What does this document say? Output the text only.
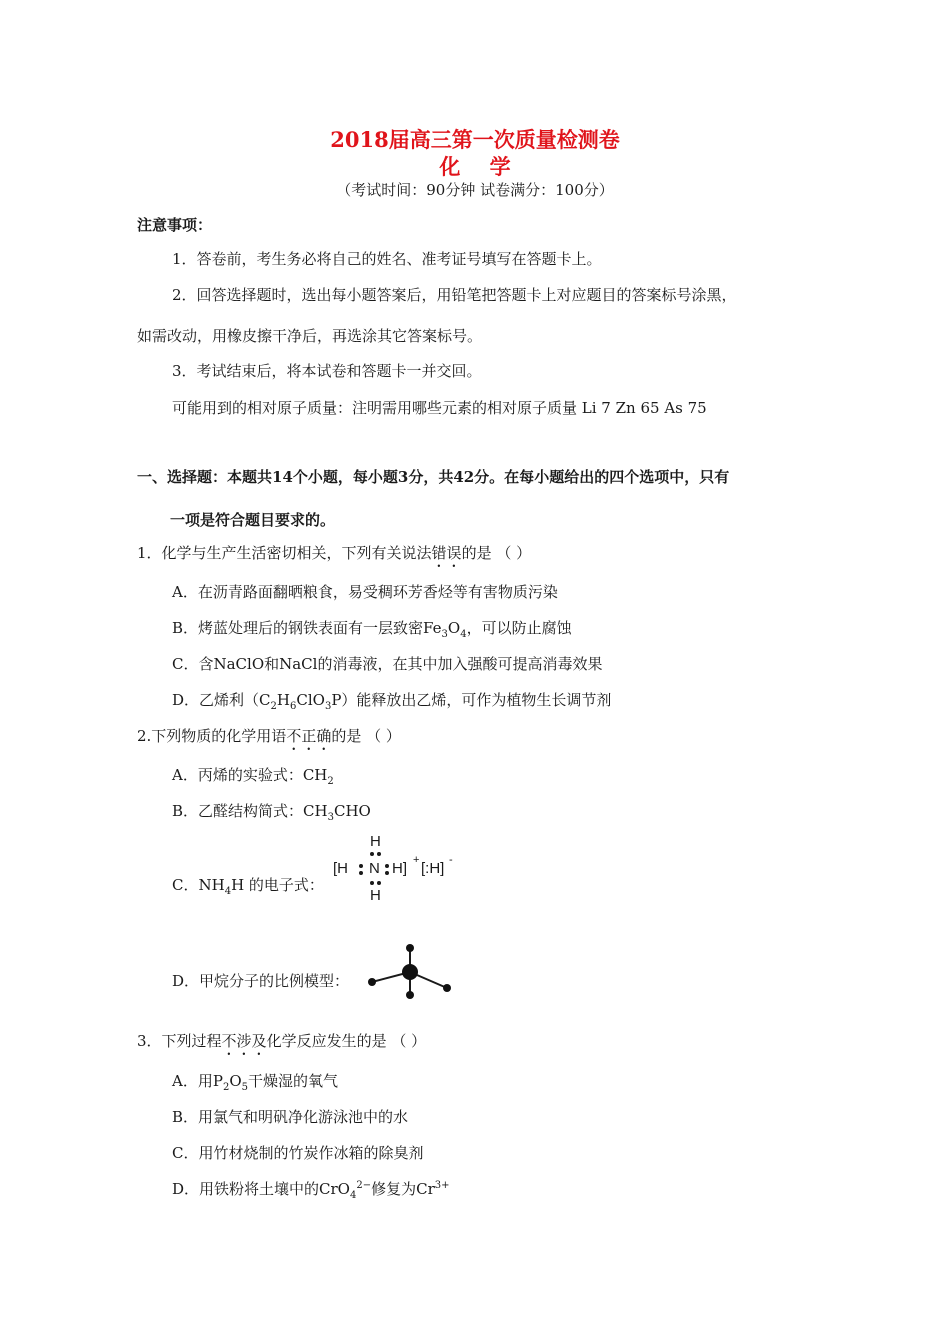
2018届高三第一次质量检测卷
化 学
（考试时间：90分钟 试卷满分：100分）
注意事项：
1．答卷前，考生务必将自己的姓名、准考证号填写在答题卡上。
2．回答选择题时，选出每小题答案后，用铅笔把答题卡上对应题目的答案标号涂黑，
如需改动，用橡皮擦干净后，再选涂其它答案标号。
3．考试结束后，将本试卷和答题卡一并交回。
可能用到的相对原子质量：注明需用哪些元素的相对原子质量 Li 7 Zn 65 As 75
一、选择题：本题共14个小题，每小题3分，共42分。在每小题给出的四个选项中，只有
一项是符合题目要求的。
1．化学与生产生活密切相关，下列有关说法错误的是 （ ）
A．在沥青路面翻晒粮食，易受稠环芳香烃等有害物质污染
B．烤蓝处理后的钢铁表面有一层致密$Fe_3O_4$，可以防止腐蚀
C．含NaClO和NaCl的消毒液，在其中加入强酸可提高消毒效果
D．乙烯利$(C_2H_6ClO_3P)$能释放出乙烯，可作为植物生长调节剂
2.下列物质的化学用语不正确的是 （ ）
A．丙烯的实验式：$CH_2$
B．乙醛结构简式：$CH_3CHO$
C．$NH_4H$ 的电子式：
H
[H N H] + [:H] -
H
D．甲烷分子的比例模型：
3．下列过程不涉及化学反应发生的是 （ ）
A．用$P_2O_5$干燥湿的氧气
B．用氯气和明矾净化游泳池中的水
C．用竹材烧制的竹炭作冰箱的除臭剂
D．用铁粉将土壤中的CrO$_4^{2-}$修复为$Cr^{3+}$
